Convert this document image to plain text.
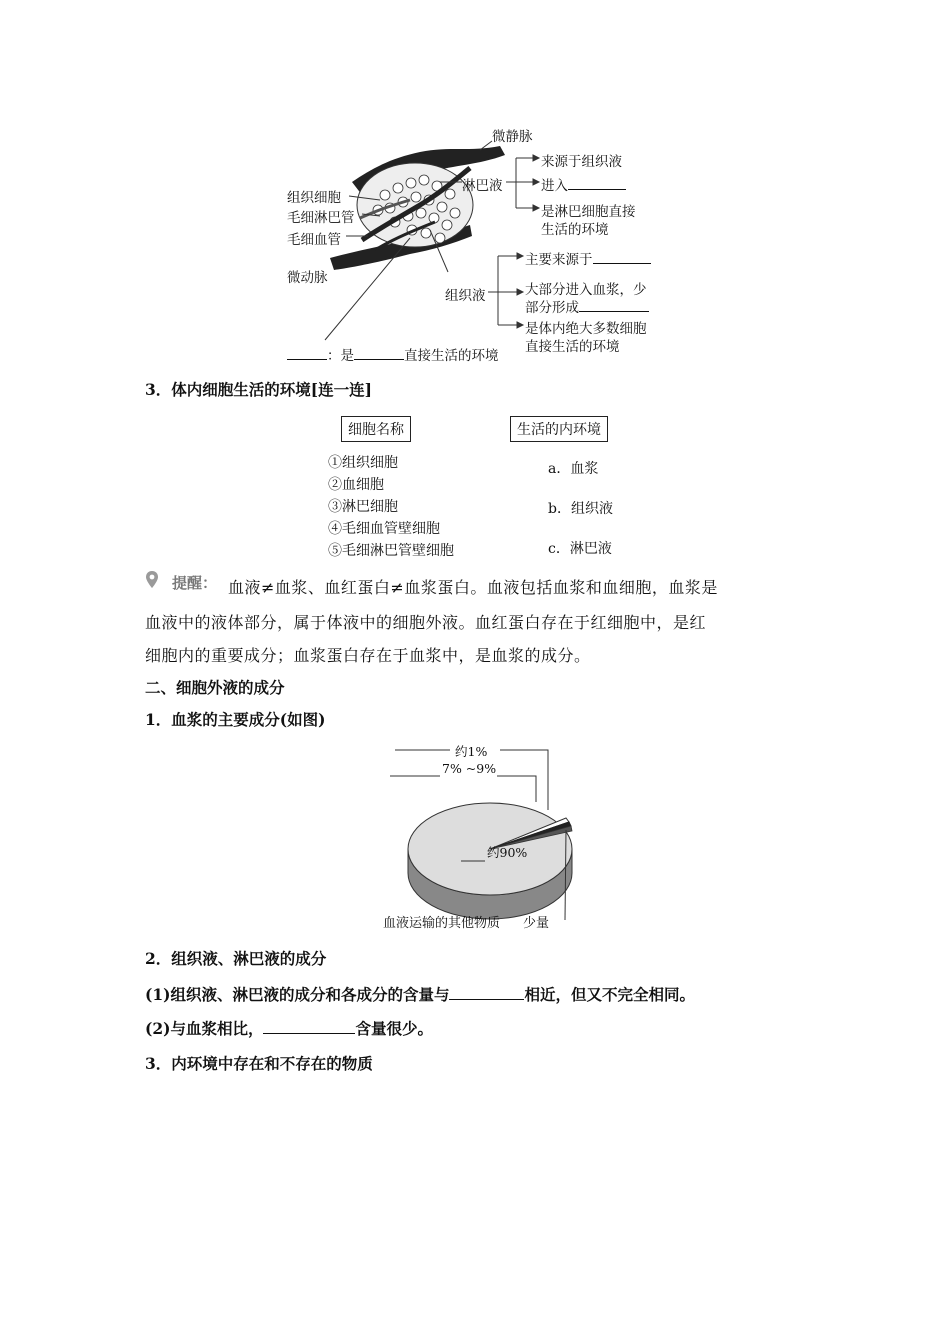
微静脉
组织细胞
毛细淋巴管
毛细血管
微动脉
淋巴液
来源于组织液
进入
是淋巴细胞直接
生活的环境
组织液
主要来源于
大部分进入血浆，少
部分形成
是体内绝大多数细胞
直接生活的环境
：是	直接生活的环境
3．体内细胞生活的环境[连一连]
细胞名称	生活的内环境
①组织细胞
②血细胞
③淋巴细胞
④毛细血管壁细胞
⑤毛细淋巴管壁细胞
a．血浆
b．组织液
c．淋巴液
提醒： 血液≠血浆、血红蛋白≠血浆蛋白。血液包括血浆和血细胞，血浆是
血液中的液体部分，属于体液中的细胞外液。血红蛋白存在于红细胞中，是红
细胞内的重要成分；血浆蛋白存在于血浆中，是血浆的成分。
二、细胞外液的成分
1．血浆的主要成分(如图)
约1%
7% ~9%
约90%
血液运输的其他物质 少量
2．组织液、淋巴液的成分
(1)组织液、淋巴液的成分和各成分的含量与	相近，但又不完全相同。
(2)与血浆相比，	含量很少。
3．内环境中存在和不存在的物质
